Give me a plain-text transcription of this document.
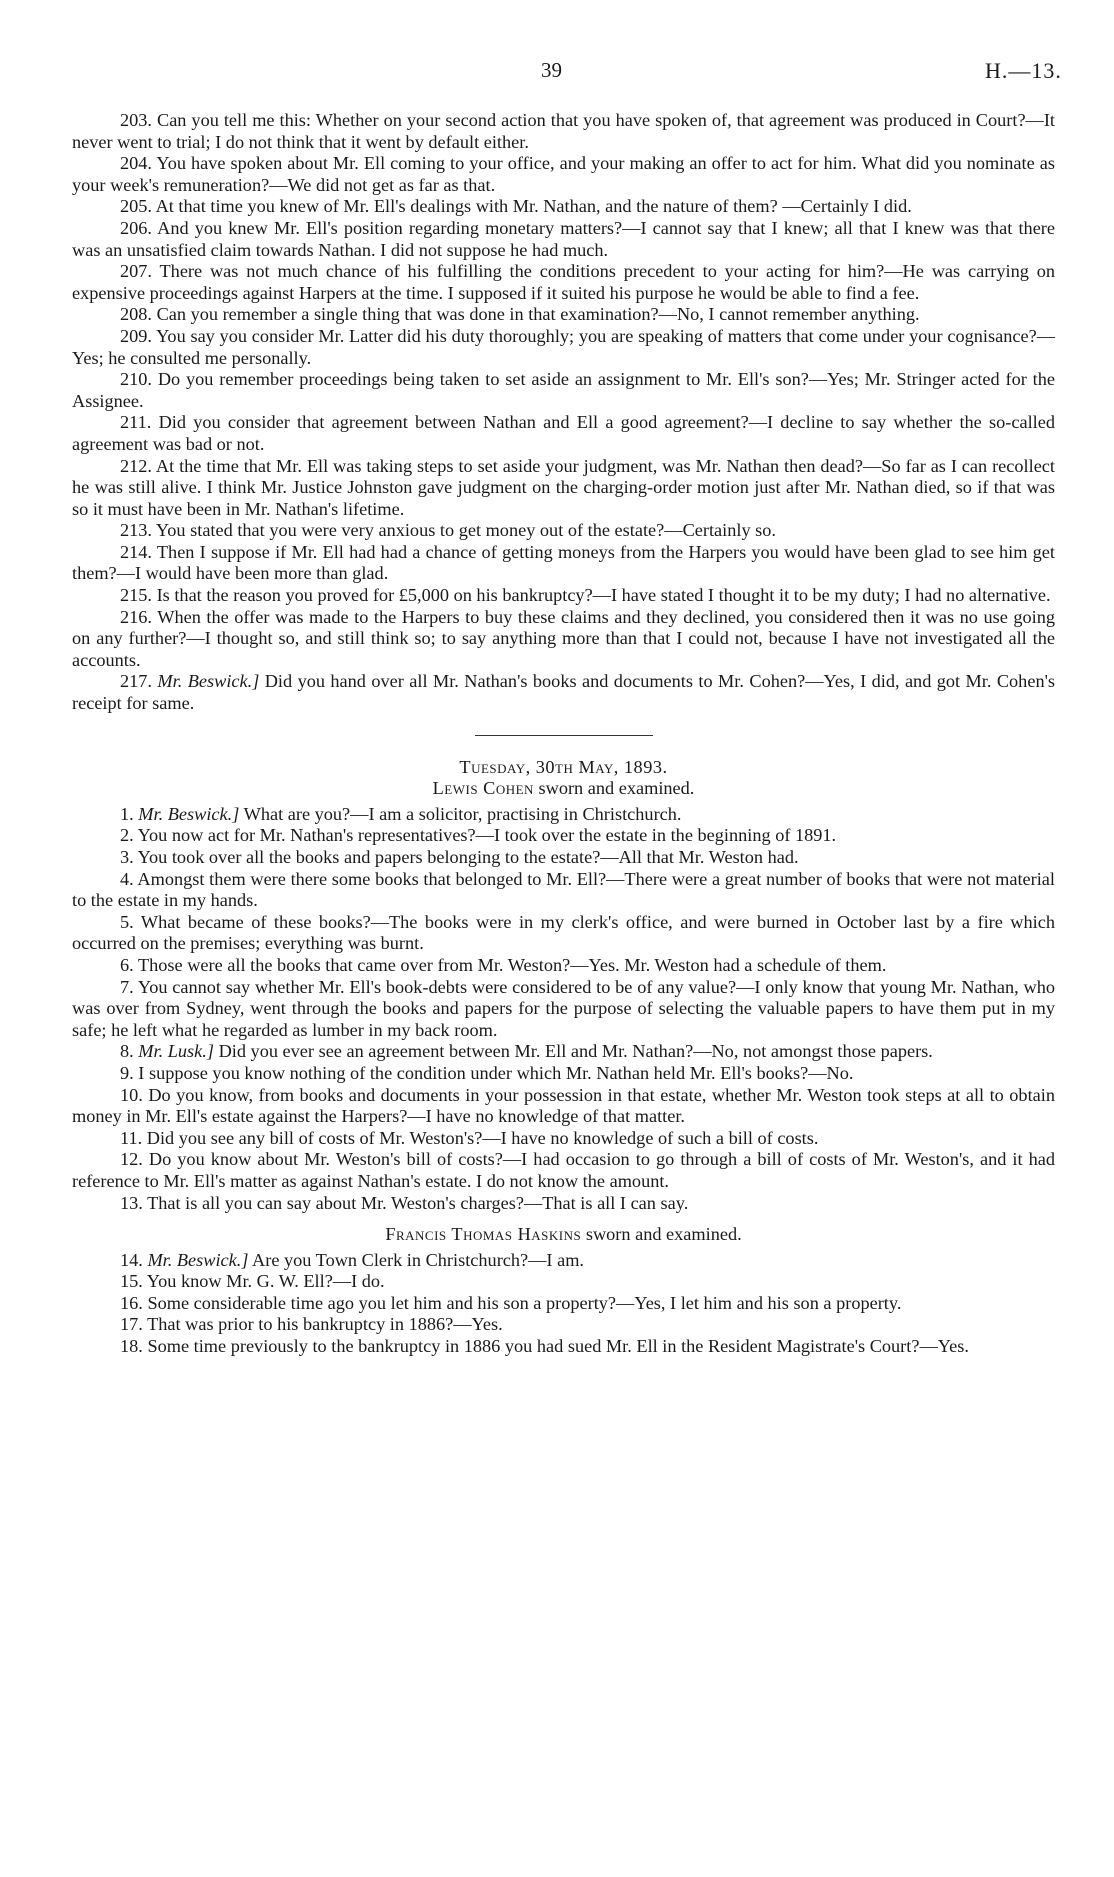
39	H.—13.

203. Can you tell me this: Whether on your second action that you have spoken of, that agreement was produced in Court?—It never went to trial; I do not think that it went by default either.

204. You have spoken about Mr. Ell coming to your office, and your making an offer to act for him. What did you nominate as your week's remuneration?—We did not get as far as that.

205. At that time you knew of Mr. Ell's dealings with Mr. Nathan, and the nature of them? —Certainly I did.

206. And you knew Mr. Ell's position regarding monetary matters?—I cannot say that I knew; all that I knew was that there was an unsatisfied claim towards Nathan. I did not suppose he had much.

207. There was not much chance of his fulfilling the conditions precedent to your acting for him?—He was carrying on expensive proceedings against Harpers at the time. I supposed if it suited his purpose he would be able to find a fee.

208. Can you remember a single thing that was done in that examination?—No, I cannot remember anything.

209. You say you consider Mr. Latter did his duty thoroughly; you are speaking of matters that come under your cognisance?—Yes; he consulted me personally.

210. Do you remember proceedings being taken to set aside an assignment to Mr. Ell's son?—Yes; Mr. Stringer acted for the Assignee.

211. Did you consider that agreement between Nathan and Ell a good agreement?—I decline to say whether the so-called agreement was bad or not.

212. At the time that Mr. Ell was taking steps to set aside your judgment, was Mr. Nathan then dead?—So far as I can recollect he was still alive. I think Mr. Justice Johnston gave judgment on the charging-order motion just after Mr. Nathan died, so if that was so it must have been in Mr. Nathan's lifetime.

213. You stated that you were very anxious to get money out of the estate?—Certainly so.

214. Then I suppose if Mr. Ell had had a chance of getting moneys from the Harpers you would have been glad to see him get them?—I would have been more than glad.

215. Is that the reason you proved for £5,000 on his bankruptcy?—I have stated I thought it to be my duty; I had no alternative.

216. When the offer was made to the Harpers to buy these claims and they declined, you considered then it was no use going on any further?—I thought so, and still think so; to say anything more than that I could not, because I have not investigated all the accounts.

217. Mr. Beswick.] Did you hand over all Mr. Nathan's books and documents to Mr. Cohen?—Yes, I did, and got Mr. Cohen's receipt for same.

Tuesday, 30th May, 1893.

Lewis Cohen sworn and examined.

1. Mr. Beswick.] What are you?—I am a solicitor, practising in Christchurch.

2. You now act for Mr. Nathan's representatives?—I took over the estate in the beginning of 1891.

3. You took over all the books and papers belonging to the estate?—All that Mr. Weston had.

4. Amongst them were there some books that belonged to Mr. Ell?—There were a great number of books that were not material to the estate in my hands.

5. What became of these books?—The books were in my clerk's office, and were burned in October last by a fire which occurred on the premises; everything was burnt.

6. Those were all the books that came over from Mr. Weston?—Yes. Mr. Weston had a schedule of them.

7. You cannot say whether Mr. Ell's book-debts were considered to be of any value?—I only know that young Mr. Nathan, who was over from Sydney, went through the books and papers for the purpose of selecting the valuable papers to have them put in my safe; he left what he regarded as lumber in my back room.

8. Mr. Lusk.] Did you ever see an agreement between Mr. Ell and Mr. Nathan?—No, not amongst those papers.

9. I suppose you know nothing of the condition under which Mr. Nathan held Mr. Ell's books?—No.

10. Do you know, from books and documents in your possession in that estate, whether Mr. Weston took steps at all to obtain money in Mr. Ell's estate against the Harpers?—I have no knowledge of that matter.

11. Did you see any bill of costs of Mr. Weston's?—I have no knowledge of such a bill of costs.

12. Do you know about Mr. Weston's bill of costs?—I had occasion to go through a bill of costs of Mr. Weston's, and it had reference to Mr. Ell's matter as against Nathan's estate. I do not know the amount.

13. That is all you can say about Mr. Weston's charges?—That is all I can say.

Francis Thomas Haskins sworn and examined.

14. Mr. Beswick.] Are you Town Clerk in Christchurch?—I am.

15. You know Mr. G. W. Ell?—I do.

16. Some considerable time ago you let him and his son a property?—Yes, I let him and his son a property.

17. That was prior to his bankruptcy in 1886?—Yes.

18. Some time previously to the bankruptcy in 1886 you had sued Mr. Ell in the Resident Magistrate's Court?—Yes.
